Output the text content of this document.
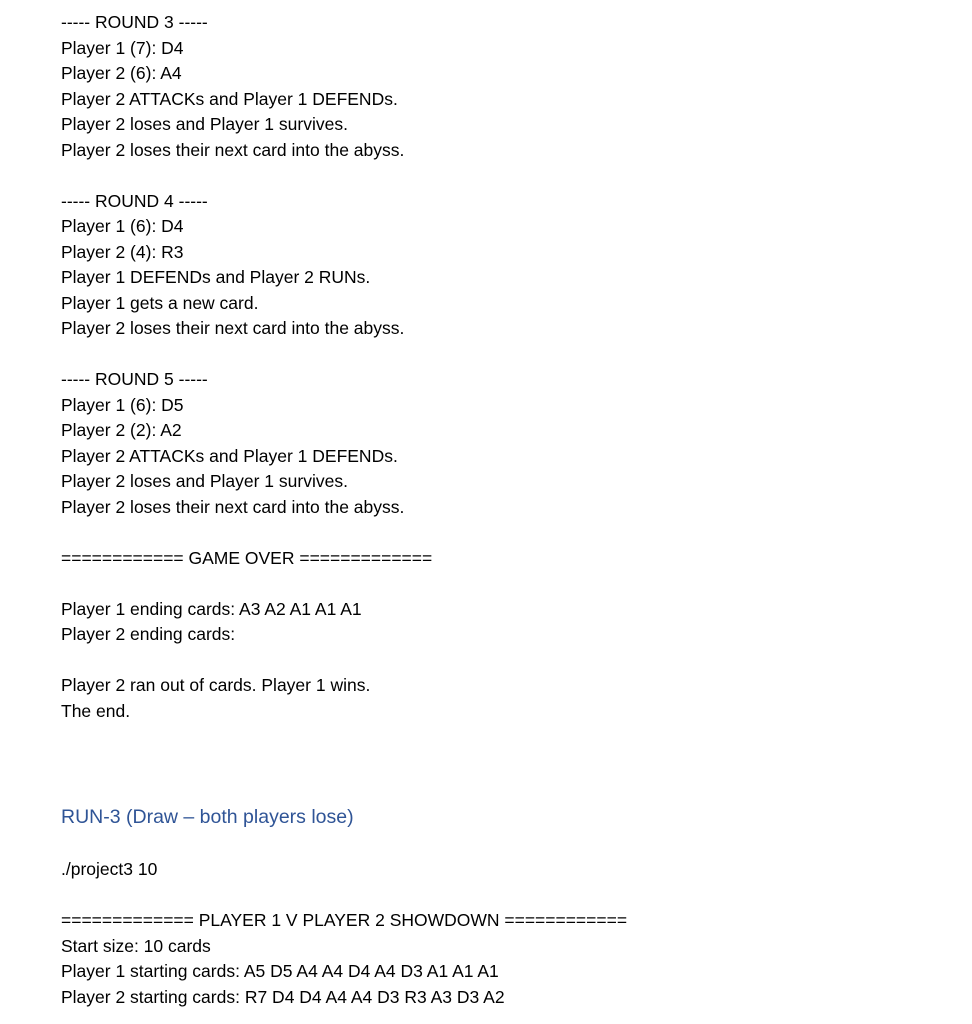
----- ROUND 3 -----
Player 1 (7): D4
Player 2 (6): A4
Player 2 ATTACKs and Player 1 DEFENDs.
Player 2 loses and Player 1 survives.
Player 2 loses their next card into the abyss.
----- ROUND 4 -----
Player 1 (6): D4
Player 2 (4): R3
Player 1 DEFENDs and Player 2 RUNs.
Player 1 gets a new card.
Player 2 loses their next card into the abyss.
----- ROUND 5 -----
Player 1 (6): D5
Player 2 (2): A2
Player 2 ATTACKs and Player 1 DEFENDs.
Player 2 loses and Player 1 survives.
Player 2 loses their next card into the abyss.
============ GAME OVER =============
Player 1 ending cards: A3 A2 A1 A1 A1
Player 2 ending cards:
Player 2 ran out of cards. Player 1 wins.
The end.
RUN-3 (Draw – both players lose)
./project3 10
============= PLAYER 1 V PLAYER 2 SHOWDOWN ============
Start size: 10 cards
Player 1 starting cards: A5 D5 A4 A4 D4 A4 D3 A1 A1 A1
Player 2 starting cards: R7 D4 D4 A4 A4 D3 R3 A3 D3 A2
